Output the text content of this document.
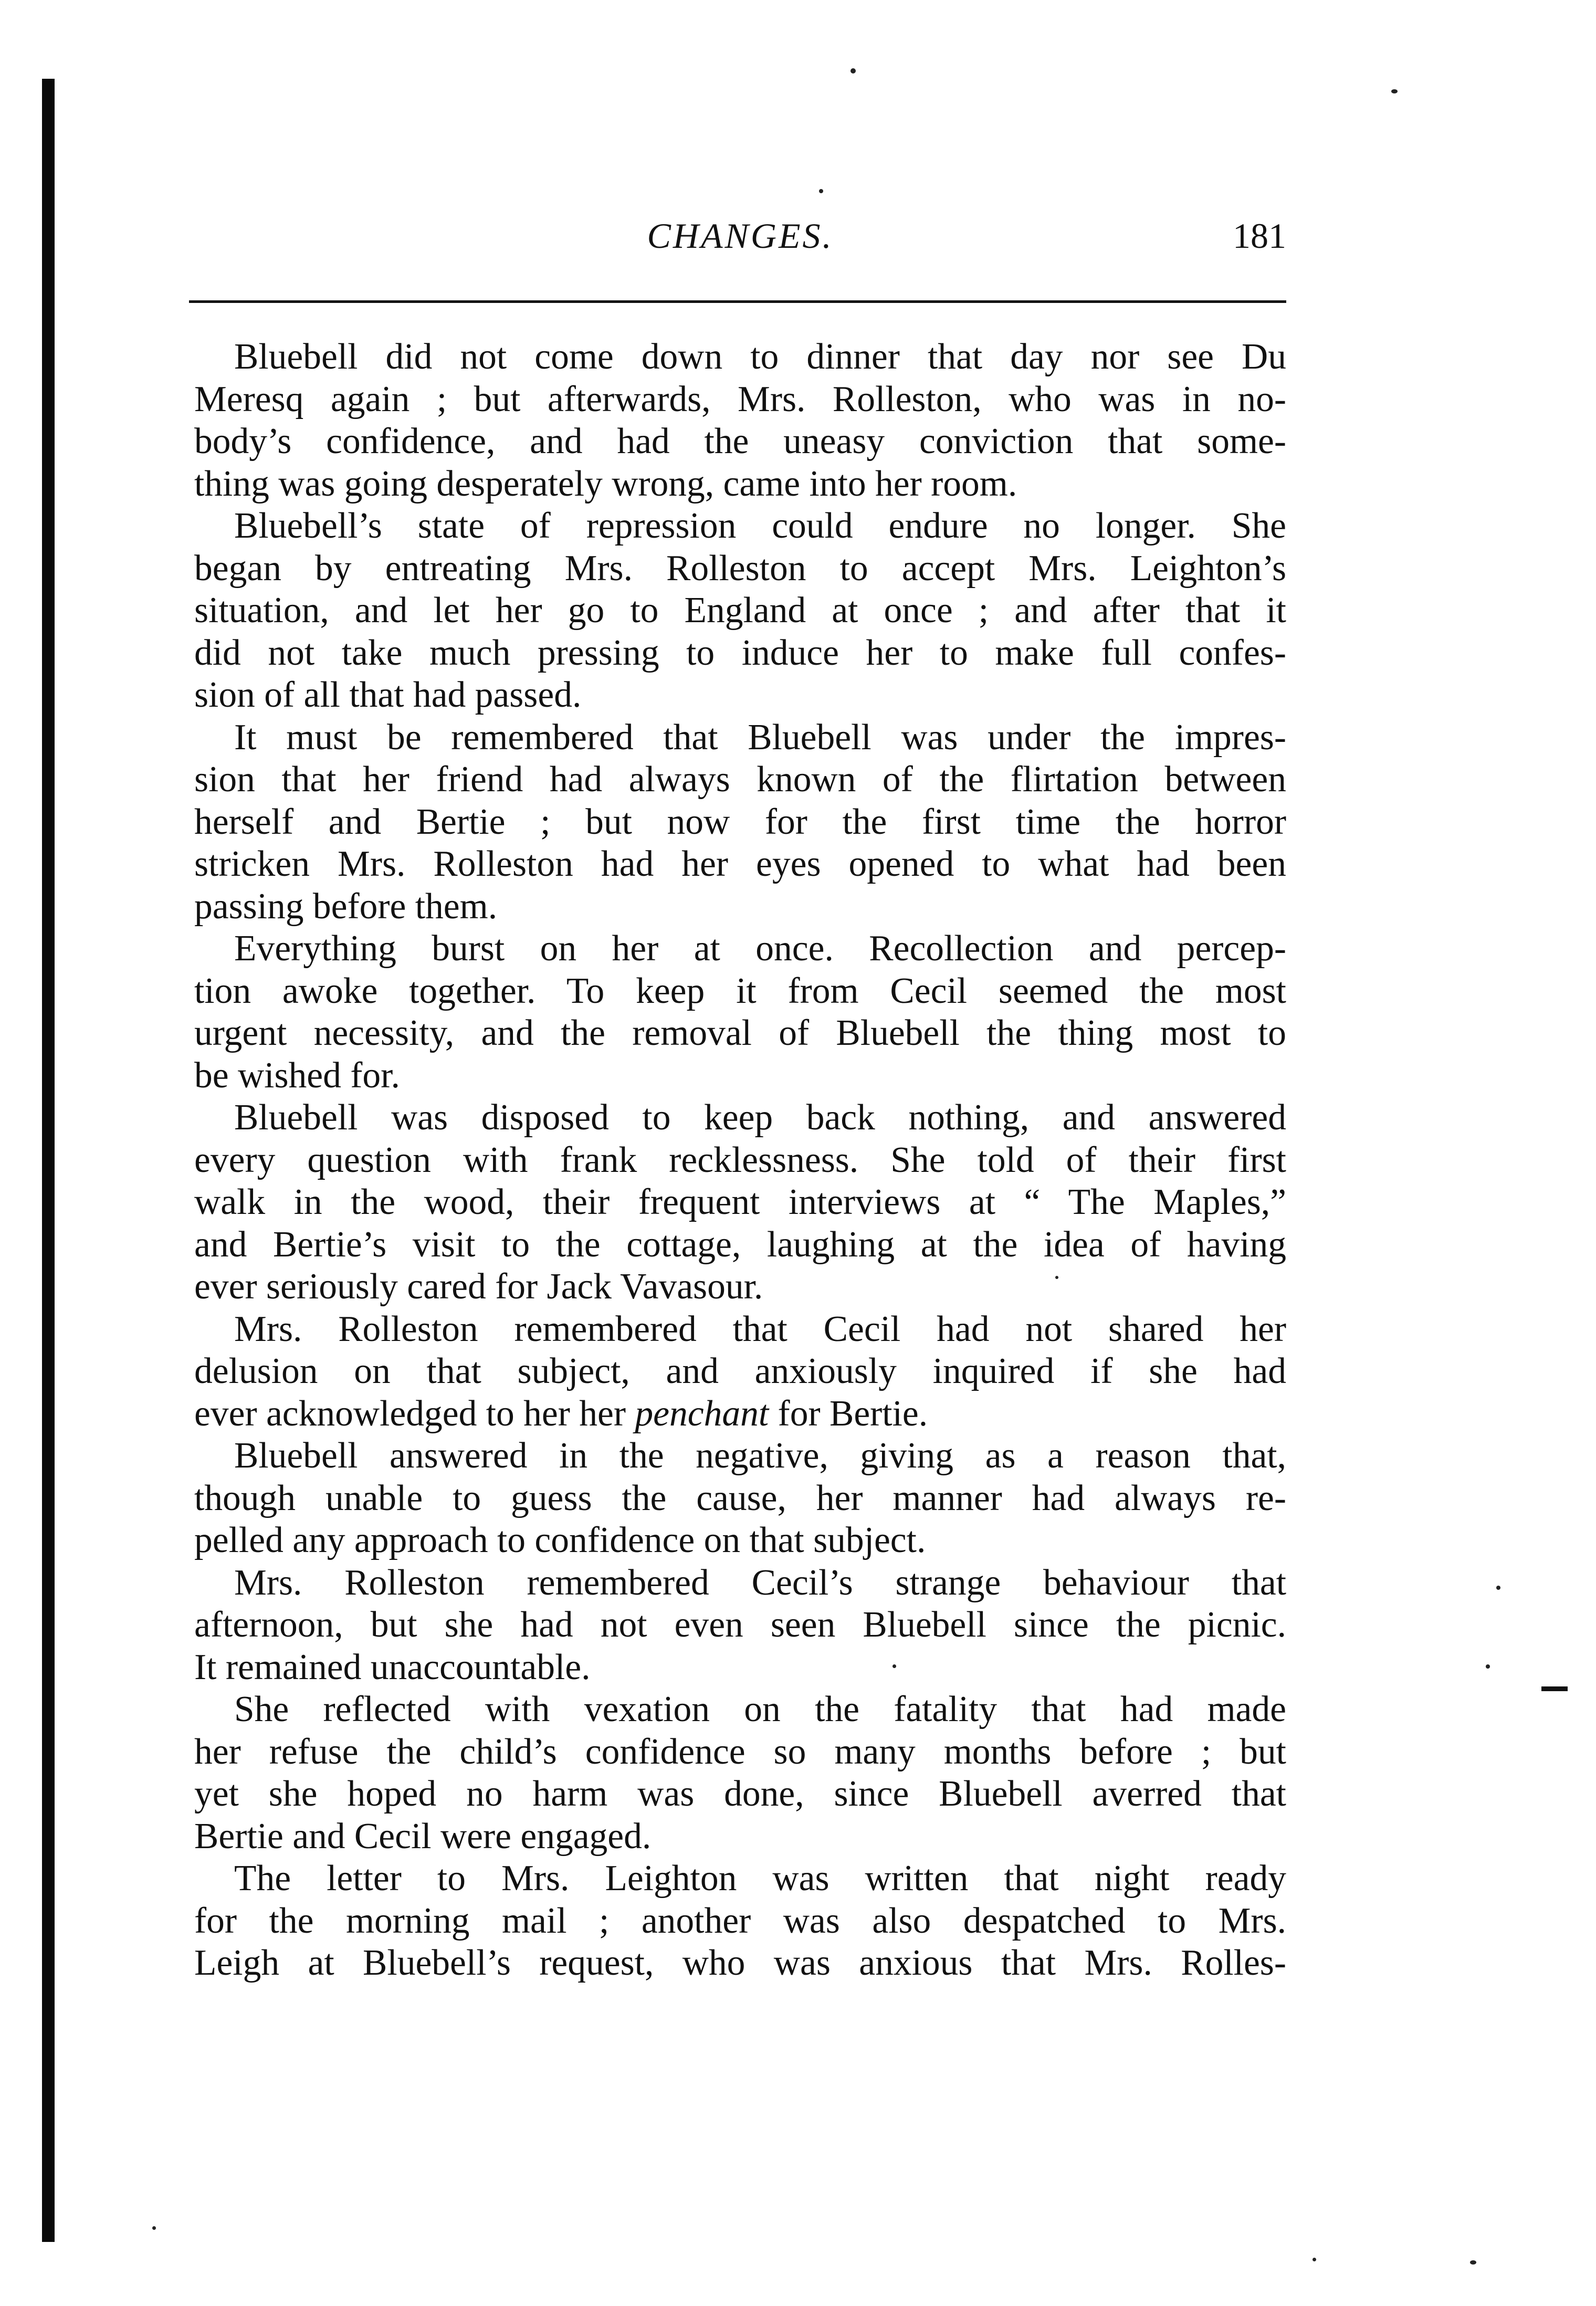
CHANGES.	181
Bluebell did not come down to dinner that day nor see Du
Meresq again ; but afterwards, Mrs. Rolleston, who was in no-
body’s confidence, and had the uneasy conviction that some-
thing was going desperately wrong, came into her room.
Bluebell’s state of repression could endure no longer. She
began by entreating Mrs. Rolleston to accept Mrs. Leighton’s
situation, and let her go to England at once ; and after that it
did not take much pressing to induce her to make full confes-
sion of all that had passed.
It must be remembered that Bluebell was under the impres-
sion that her friend had always known of the flirtation between
herself and Bertie ; but now for the first time the horror
stricken Mrs. Rolleston had her eyes opened to what had been
passing before them.
Everything burst on her at once. Recollection and percep-
tion awoke together. To keep it from Cecil seemed the most
urgent necessity, and the removal of Bluebell the thing most to
be wished for.
Bluebell was disposed to keep back nothing, and answered
every question with frank recklessness. She told of their first
walk in the wood, their frequent interviews at “ The Maples,”
and Bertie’s visit to the cottage, laughing at the idea of having
ever seriously cared for Jack Vavasour.
Mrs. Rolleston remembered that Cecil had not shared her
delusion on that subject, and anxiously inquired if she had
ever acknowledged to her her penchant for Bertie.
Bluebell answered in the negative, giving as a reason that,
though unable to guess the cause, her manner had always re-
pelled any approach to confidence on that subject.
Mrs. Rolleston remembered Cecil’s strange behaviour that
afternoon, but she had not even seen Bluebell since the picnic.
It remained unaccountable.
She reflected with vexation on the fatality that had made
her refuse the child’s confidence so many months before ; but
yet she hoped no harm was done, since Bluebell averred that
Bertie and Cecil were engaged.
The letter to Mrs. Leighton was written that night ready
for the morning mail ; another was also despatched to Mrs.
Leigh at Bluebell’s request, who was anxious that Mrs. Rolles-
